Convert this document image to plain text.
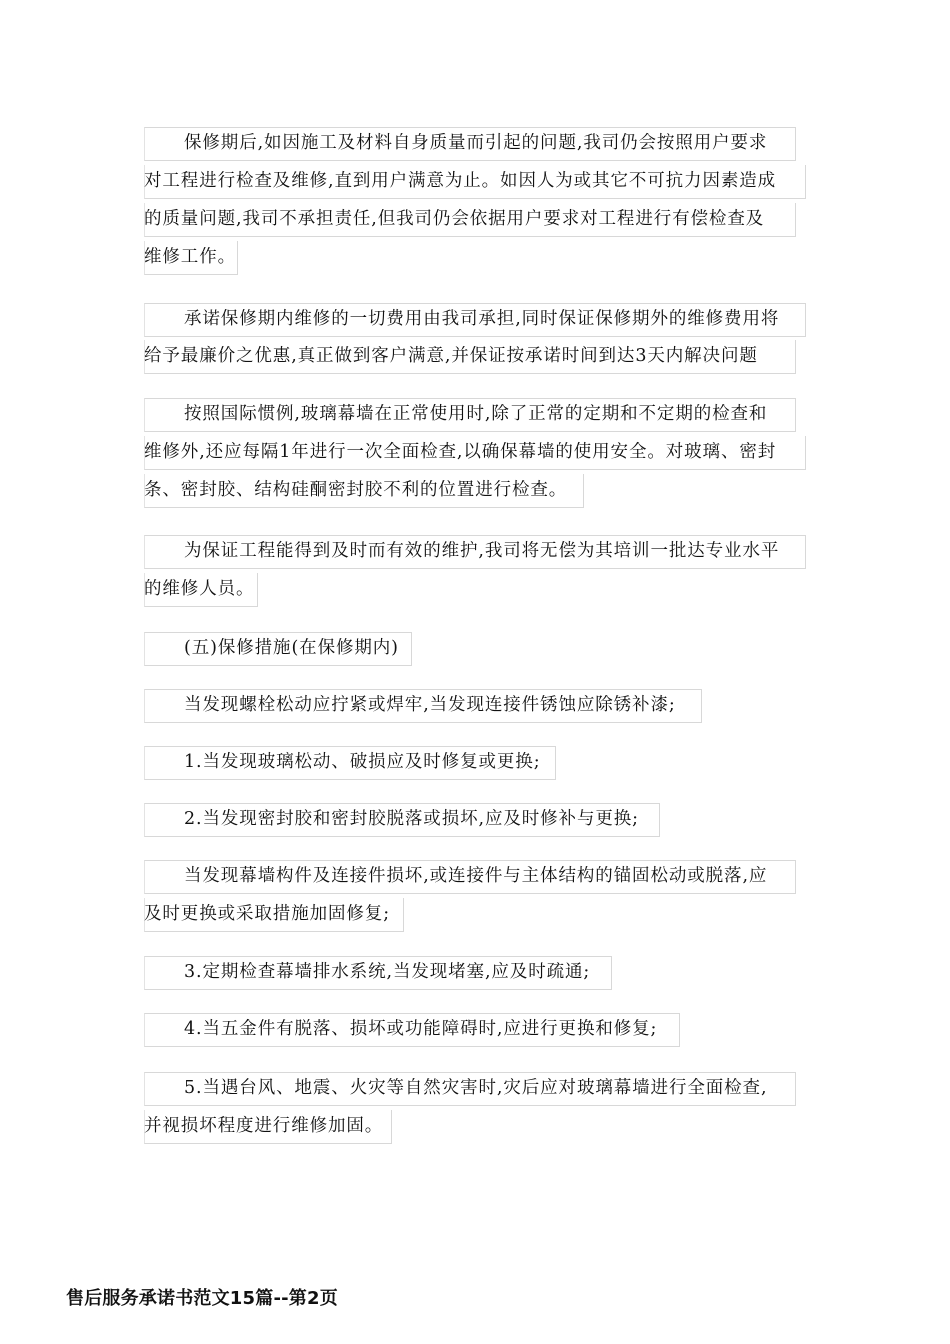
保修期后,如因施工及材料自身质量而引起的问题,我司仍会按照用户要求
对工程进行检查及维修,直到用户满意为止。如因人为或其它不可抗力因素造成
的质量问题,我司不承担责任,但我司仍会依据用户要求对工程进行有偿检查及
维修工作。
承诺保修期内维修的一切费用由我司承担,同时保证保修期外的维修费用将
给予最廉价之优惠,真正做到客户满意,并保证按承诺时间到达3天内解决问题
按照国际惯例,玻璃幕墙在正常使用时,除了正常的定期和不定期的检查和
维修外,还应每隔1年进行一次全面检查,以确保幕墙的使用安全。对玻璃、密封
条、密封胶、结构硅酮密封胶不利的位置进行检查。
为保证工程能得到及时而有效的维护,我司将无偿为其培训一批达专业水平
的维修人员。
(五)保修措施(在保修期内)
当发现螺栓松动应拧紧或焊牢,当发现连接件锈蚀应除锈补漆;
1.当发现玻璃松动、破损应及时修复或更换;
2.当发现密封胶和密封胶脱落或损坏,应及时修补与更换;
当发现幕墙构件及连接件损坏,或连接件与主体结构的锚固松动或脱落,应
及时更换或采取措施加固修复;
3.定期检查幕墙排水系统,当发现堵塞,应及时疏通;
4.当五金件有脱落、损坏或功能障碍时,应进行更换和修复;
5.当遇台风、地震、火灾等自然灾害时,灾后应对玻璃幕墙进行全面检查,
并视损坏程度进行维修加固。
售后服务承诺书范文15篇--第2页
